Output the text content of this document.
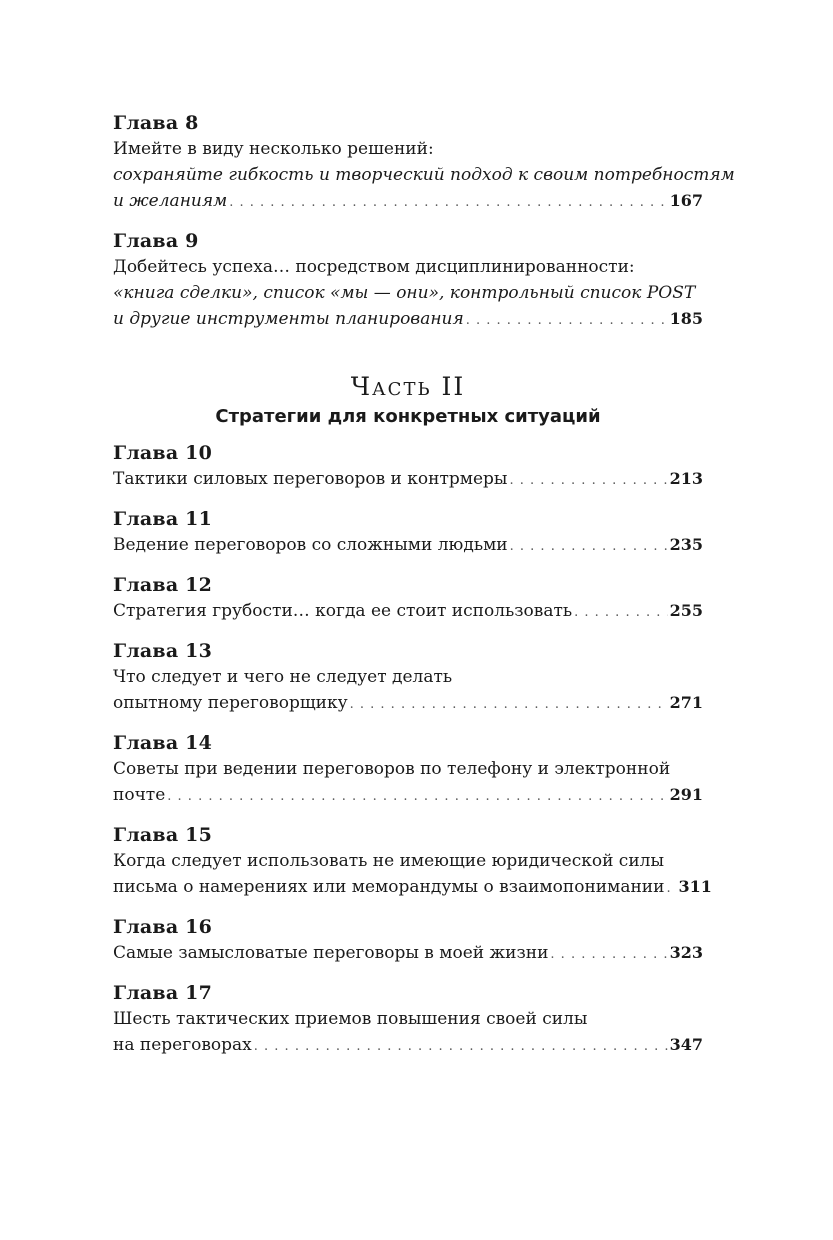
Глава 8
Имейте в виду несколько решений:
сохраняйте гибкость и творческий подход к своим потребностям
и желаниям . . .	167
Глава 9
Добейтесь успеха… посредством дисциплинированности:
«книга сделки», список «мы — они», контрольный список POST
и другие инструменты планирования . . .	185
Часть II
Стратегии для конкретных ситуаций
Глава 10
Тактики силовых переговоров и контрмеры . . .	213
Глава 11
Ведение переговоров со сложными людьми . . .	235
Глава 12
Стратегия грубости… когда ее стоит использовать . . .	255
Глава 13
Что следует и чего не следует делать
опытному переговорщику . . .	271
Глава 14
Советы при ведении переговоров по телефону и электронной
почте . . .	291
Глава 15
Когда следует использовать не имеющие юридической силы
письма о намерениях или меморандумы о взаимопонимании . . . 311
Глава 16
Самые замысловатые переговоры в моей жизни . . .	323
Глава 17
Шесть тактических приемов повышения своей силы
на переговорах . . .	347
